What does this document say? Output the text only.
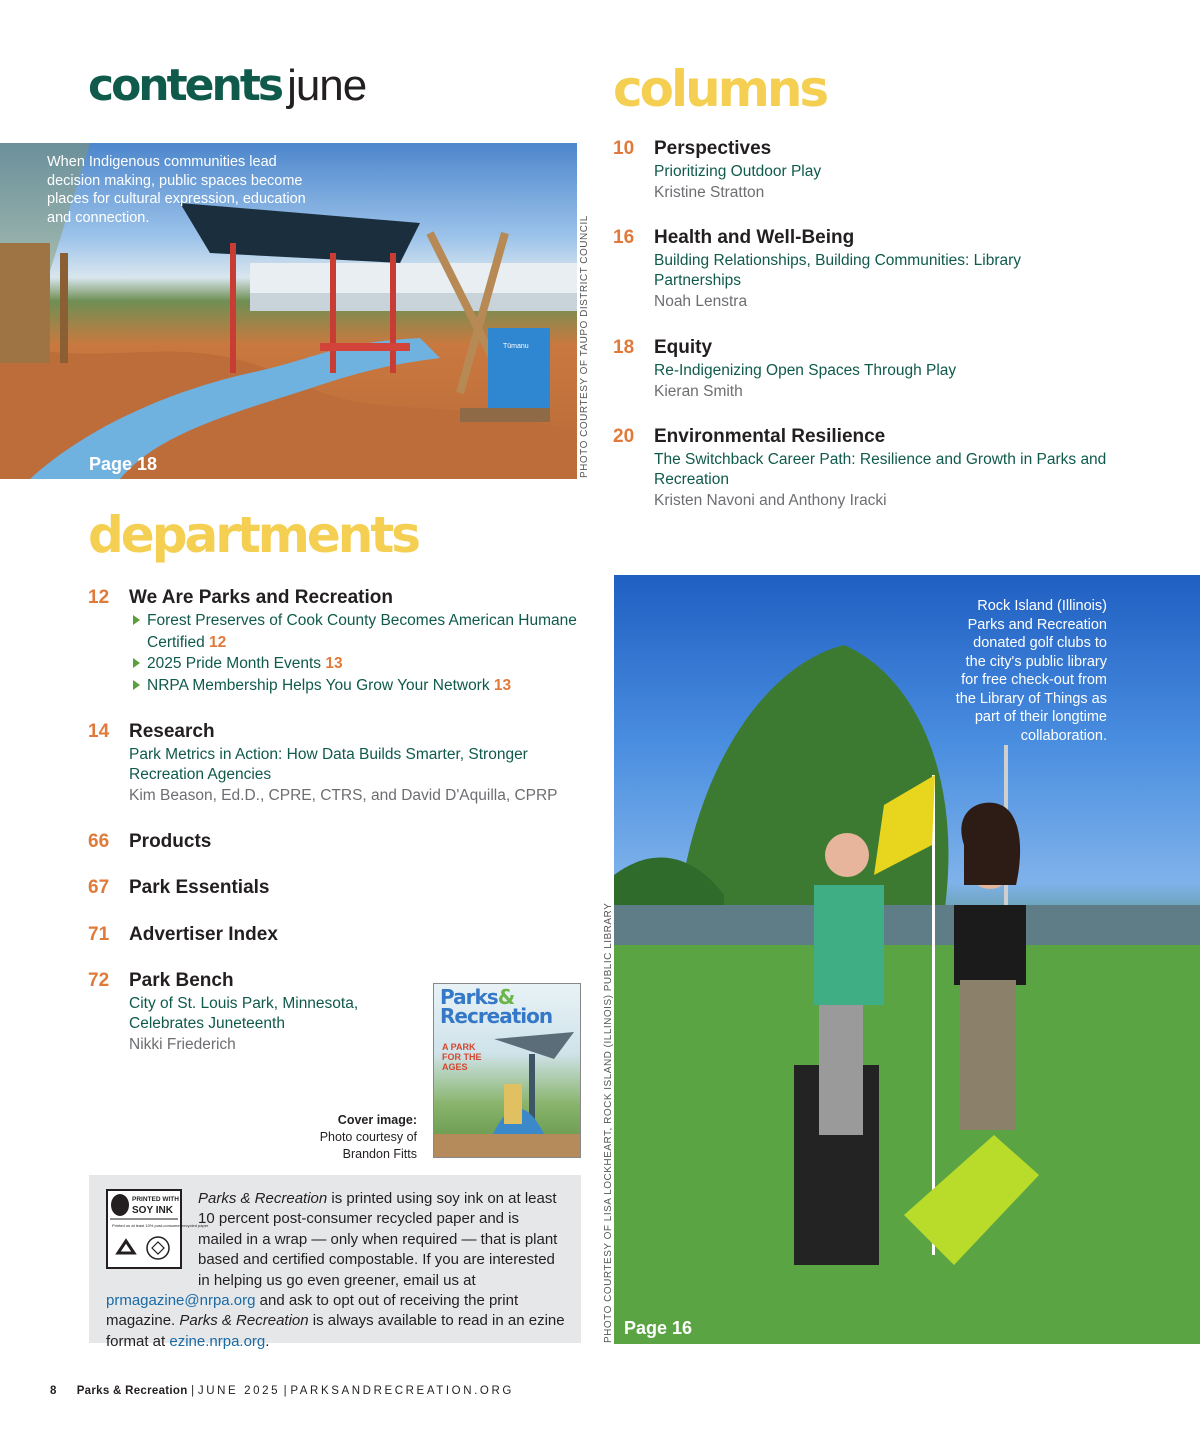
contents june	columns
departments
Tūmanu
When Indigenous communities lead decision making, public spaces become places for cultural expression, education and connection.
Page 18	PHOTO COURTESY OF TAUPO DISTRICT COUNCIL
10	Perspectives
Prioritizing Outdoor Play
Kristine Stratton
16 Health and Well-Being
Building Relationships, Building Communities: Library Partnerships
Noah Lenstra
18 Equity
Re-Indigenizing Open Spaces Through Play
Kieran Smith
20 Environmental Resilience
The Switchback Career Path: Resilience and Growth in Parks and Recreation
Kristen Navoni and Anthony Iracki
12 We Are Parks and Recreation
Forest Preserves of Cook County Becomes American Humane Certified 12
2025 Pride Month Events 13
NRPA Membership Helps You Grow Your Network 13
14 Research
Park Metrics in Action: How Data Builds Smarter, Stronger Recreation Agencies
Kim Beason, Ed.D., CPRE, CTRS, and David D'Aquilla, CPRP
66 Products
67 Park Essentials
71 Advertiser Index
72 Park Bench
City of St. Louis Park, Minnesota, Celebrates Juneteenth
Nikki Friederich
Parks&
Recreation
A PARK FOR THE AGES
Cover image:
Photo courtesy of
Brandon Fitts
PRINTED WITH
SOY INK
Printed on at least 10% post-consumer recycled paper
Parks & Recreation is printed using soy ink on at least 10 percent post-consumer recycled paper and is mailed in a wrap — only when required — that is plant based and certified compostable. If you are interested in helping us go even greener, email us at prmagazine@nrpa.org and ask to opt out of receiving the print magazine. Parks & Recreation is always available to read in an ezine format at ezine.nrpa.org.
Rock Island (Illinois) Parks and Recreation donated golf clubs to the city's public library for free check-out from the Library of Things as part of their longtime collaboration.
Page 16
PHOTO COURTESY OF LISA LOCKHEART, ROCK ISLAND (ILLINOIS) PUBLIC LIBRARY
8 Parks & Recreation | JUNE 2025 | PARKSANDRECREATION.ORG
